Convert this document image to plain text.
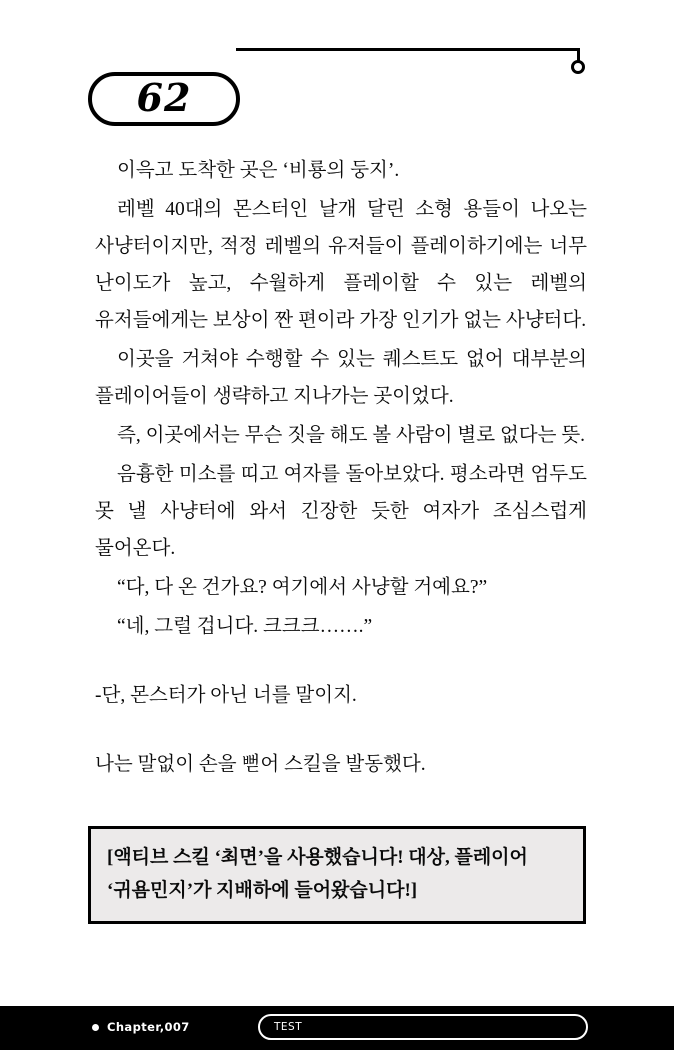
62

이윽고 도착한 곳은 ‘비룡의 둥지’.

레벨 40대의 몬스터인 날개 달린 소형 용들이 나오는 사냥터이지만, 적정 레벨의 유저들이 플레이하기에는 너무 난이도가 높고, 수월하게 플레이할 수 있는 레벨의 유저들에게는 보상이 짠 편이라 가장 인기가 없는 사냥터다.

이곳을 거쳐야 수행할 수 있는 퀘스트도 없어 대부분의 플레이어들이 생략하고 지나가는 곳이었다.

즉, 이곳에서는 무슨 짓을 해도 볼 사람이 별로 없다는 뜻.

음흉한 미소를 띠고 여자를 돌아보았다. 평소라면 엄두도 못 낼 사냥터에 와서 긴장한 듯한 여자가 조심스럽게 물어온다.

“다, 다 온 건가요? 여기에서 사냥할 거예요?”

“네, 그럴 겁니다. 크크크…….”

-단, 몬스터가 아닌 너를 말이지.

나는 말없이 손을 뻗어 스킬을 발동했다.

[액티브 스킬 ‘최면’을 사용했습니다! 대상, 플레이어

‘귀욤민지’가 지배하에 들어왔습니다!]

Chapter,007	TEST
